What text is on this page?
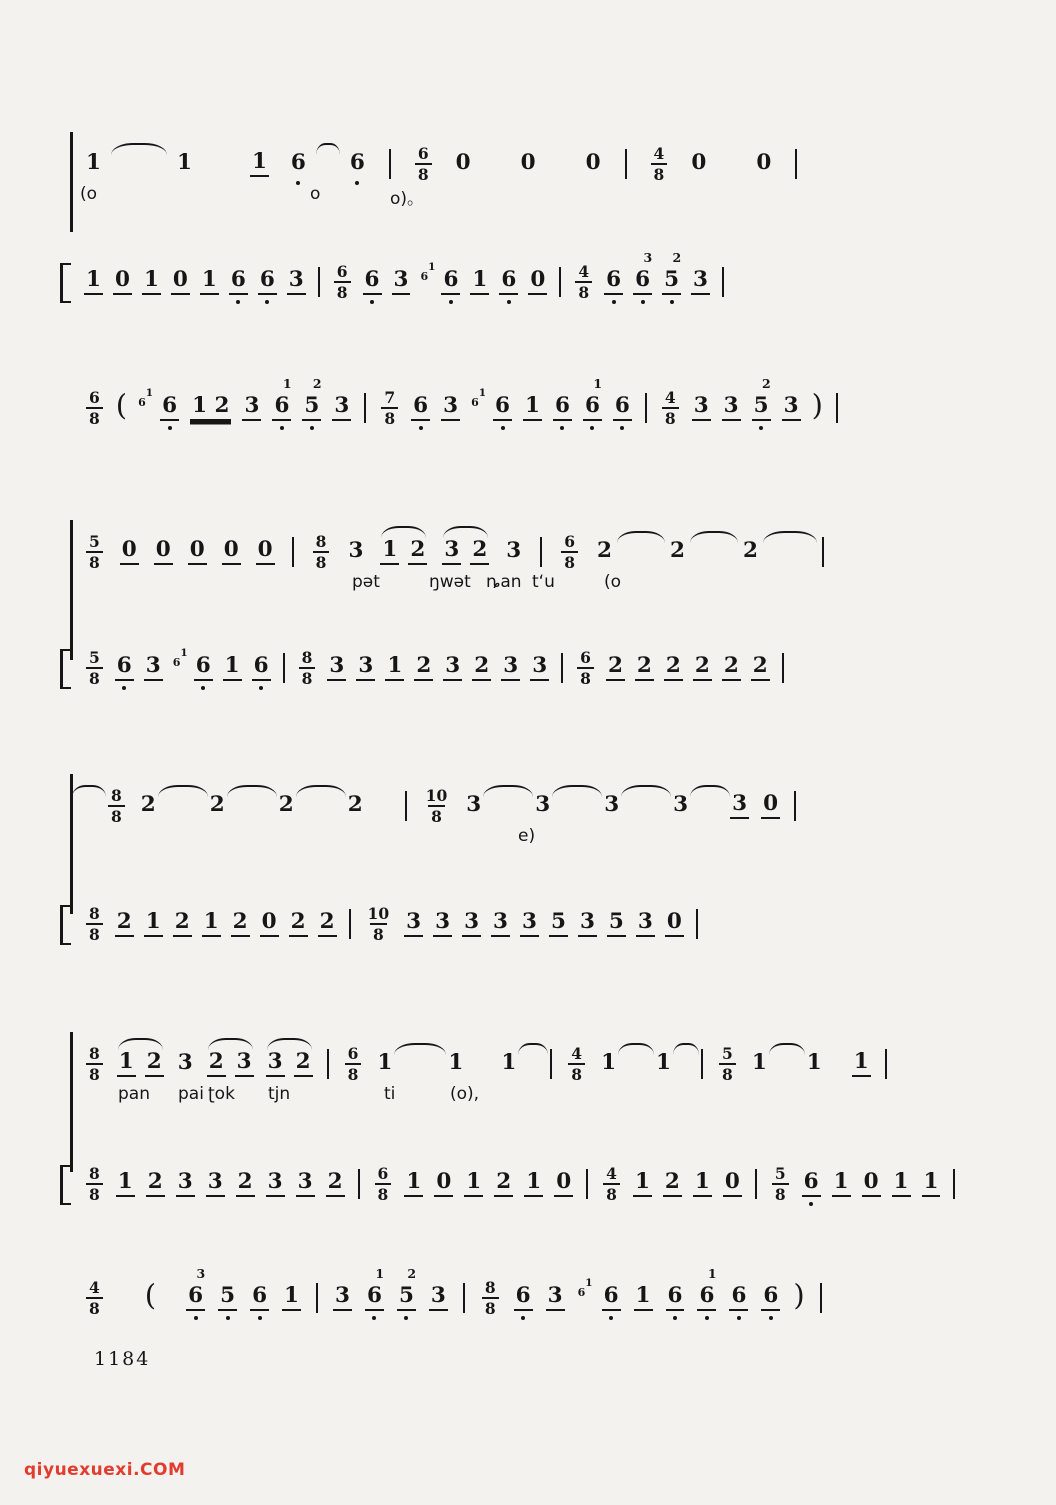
1	1	1 6 6	$\frac{6}{8} 0$ 0 0	$\frac{4}{8} 0$ 0
(o	o	o)。
1 0 1 0 1 6 6 $3 \frac{6}{8} 6$ 3 6
1
6 1 6 $0 \frac{4}{8} 6$ 6
3
5
2
3
$\frac{6}{8}$ ( 6
1
6 1 2 3 6
1
5
2
$3 \frac{7}{8} 6$ 3 6
1
6 1 6 6
1
$6 \frac{4}{8} 3$ 3 5
2
3 )
$\frac{5}{8} 0$ 0 0 0 0	$\frac{8}{8} 3$ 1 2 3 2 3	$\frac{6}{8} 2$	2	2
pət	ŋwət ȵan t‘u	(o
$\frac{5}{8} 6$ 3 6
1
6 1 $6 \frac{8}{8} 3$ 3 1 2 3 2 3 $3 \frac{6}{8} 2$ 2 2 2 2 2
$\frac{8}{8} 2$	2	2	2	$\frac{10}{8} 3$	3	3	3 3 0
e)
$\frac{8}{8} 2$ 1 2 1 2 0 2 $2 \frac{10}{8} 3$ 3 3 3 3 5 3 5 3 0
$\frac{8}{8} 1$ 2 3 2 3 3 $2 \frac{6}{8} 1$	1 1	$\frac{4}{8} 1$ 1	$\frac{5}{8} 1$ 1 1
pan pai ʈok tjn	ti	(o),
$\frac{8}{8} 1$ 2 3 3 2 3 3 $2 \frac{6}{8} 1$ 0 1 2 1 $0 \frac{4}{8} 1$ 2 1 $0 \frac{5}{8} 6$ 1 0 1 1
$\frac{4}{8}$ ( 6
3
5 6 1 3 6
1
5
2
$3 \frac{8}{8} 6$ 3 6
1
6 1 6 6
1
6 6 )
1184
qiyuexuexi.COM
